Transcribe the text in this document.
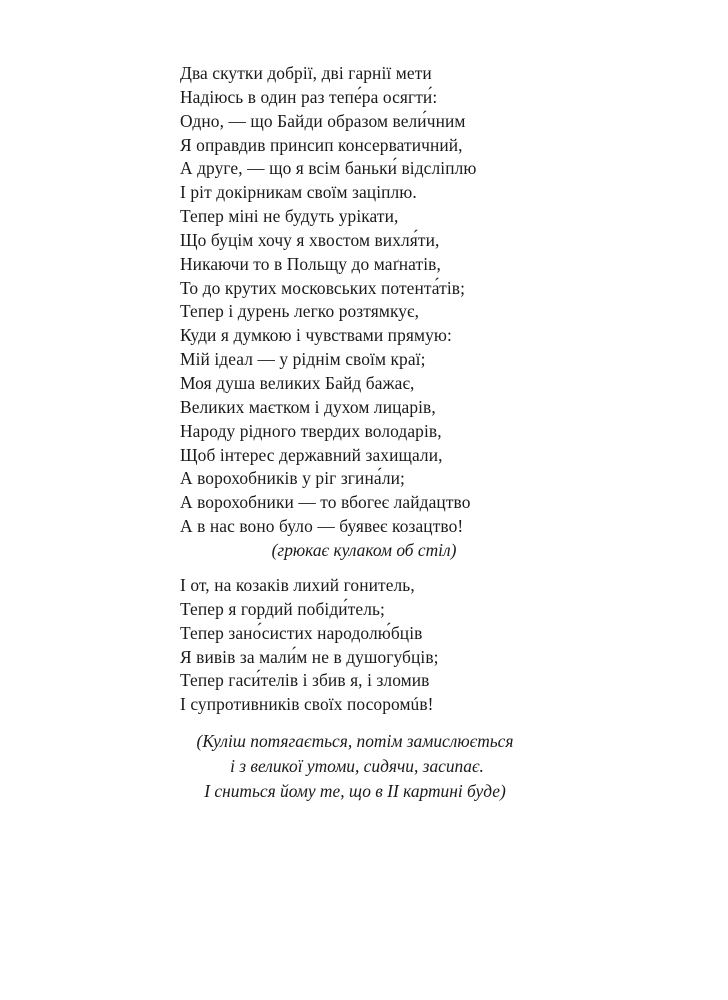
Два скутки добрії, дві гарнії мети
Надіюсь в один раз тепе́ра осягти́:
Одно, — що Байди образом вели́чним
Я оправдив принсип консерватичний,
А друге, — що я всім баньки́ відсліплю
І ріт докірникам своїм заціплю.
Тепер міні не будуть урікати,
Що буцім хочу я хвостом вихля́ти,
Никаючи то в Польщу до маґнатів,
То до крутих московських потента́тів;
Тепер і дурень легко розтямкує,
Куди я думкою і чувствами прямую:
Мій ідеал — у ріднім своїм краї;
Моя душа великих Байд бажає,
Великих маєтком і духом лицарів,
Народу рідного твердих володарів,
Щоб інтерес державний захищали,
А ворохобників у ріг згина́ли;
А ворохобники — то вбогеє лайдацтво
А в нас воно було — буявеє козацтво!

(грюкає кулаком об стіл)

І от, на козаків лихий гонитель,
Тепер я гордий побіди́тель;
Тепер зано́систих народолю́бців
Я вивів за мали́м не в душогубців;
Тепер гаси́телів і збив я, і зломив
І супротивників своїх посоромúв!
(Куліш потягається, потім замислюється
і з великої утоми, сидячи, засипає.
І сниться йому те, що в II картині буде)
